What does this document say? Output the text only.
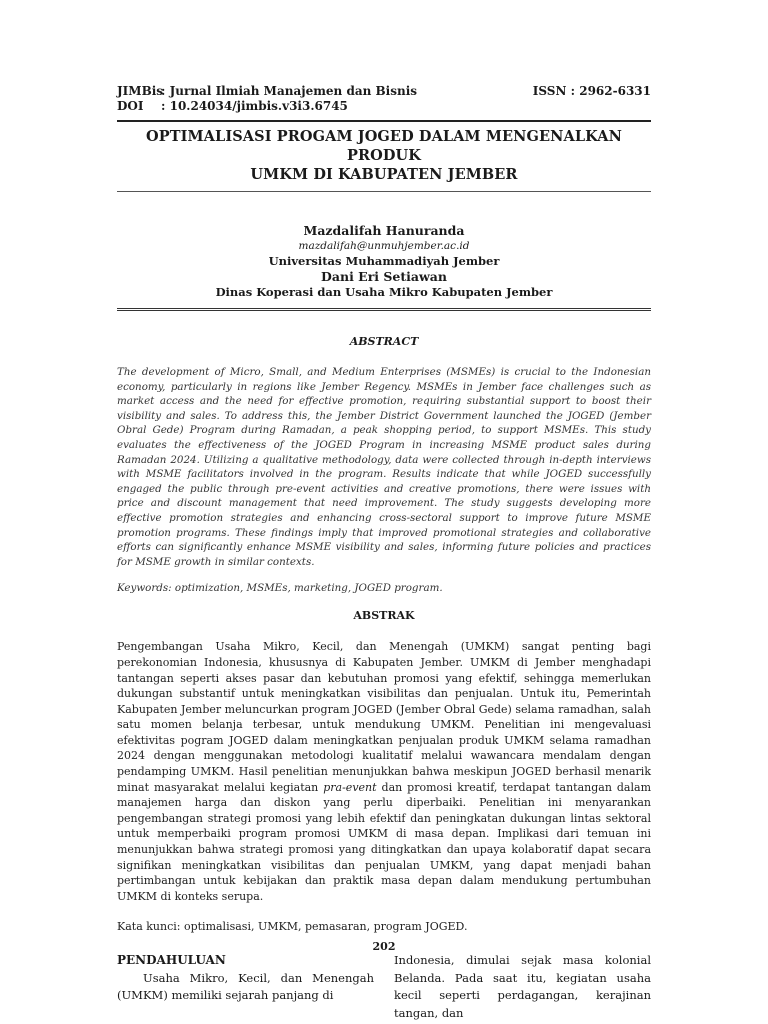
JIMBis
: Jurnal Ilmiah Manajemen dan Bisnis	ISSN : 2962-6331
DOI	: 10.24034/jimbis.v3i3.6745
OPTIMALISASI PROGAM JOGED DALAM MENGENALKAN PRODUK
UMKM DI KABUPATEN JEMBER
Mazdalifah Hanuranda
mazdalifah@unmuhjember.ac.id
Universitas Muhammadiyah Jember
Dani Eri Setiawan
Dinas Koperasi dan Usaha Mikro Kabupaten Jember
ABSTRACT
The development of Micro, Small, and Medium Enterprises (MSMEs) is crucial to the Indonesian economy, particularly in regions like Jember Regency. MSMEs in Jember face challenges such as market access and the need for effective promotion, requiring substantial support to boost their visibility and sales. To address this, the Jember District Government launched the JOGED (Jember Obral Gede) Program during Ramadan, a peak shopping period, to support MSMEs. This study evaluates the effectiveness of the JOGED Program in increasing MSME product sales during Ramadan 2024. Utilizing a qualitative methodology, data were collected through in-depth interviews with MSME facilitators involved in the program. Results indicate that while JOGED successfully engaged the public through pre-event activities and creative promotions, there were issues with price and discount management that need improvement. The study suggests developing more effective promotion strategies and enhancing cross-sectoral support to improve future MSME promotion programs. These findings imply that improved promotional strategies and collaborative efforts can significantly enhance MSME visibility and sales, informing future policies and practices for MSME growth in similar contexts.
Keywords: optimization, MSMEs, marketing, JOGED program.
ABSTRAK
Pengembangan Usaha Mikro, Kecil, dan Menengah (UMKM) sangat penting bagi perekonomian Indonesia, khususnya di Kabupaten Jember. UMKM di Jember menghadapi tantangan seperti akses pasar dan kebutuhan promosi yang efektif, sehingga memerlukan dukungan substantif untuk meningkatkan visibilitas dan penjualan. Untuk itu, Pemerintah Kabupaten Jember meluncurkan program JOGED (Jember Obral Gede) selama ramadhan, salah satu momen belanja terbesar, untuk mendukung UMKM. Penelitian ini mengevaluasi efektivitas pogram JOGED dalam meningkatkan penjualan produk UMKM selama ramadhan 2024 dengan menggunakan metodologi kualitatif melalui wawancara mendalam dengan pendamping UMKM. Hasil penelitian menunjukkan bahwa meskipun JOGED berhasil menarik minat masyarakat melalui kegiatan pra-event dan promosi kreatif, terdapat tantangan dalam manajemen harga dan diskon yang perlu diperbaiki. Penelitian ini menyarankan pengembangan strategi promosi yang lebih efektif dan peningkatan dukungan lintas sektoral untuk memperbaiki program promosi UMKM di masa depan. Implikasi dari temuan ini menunjukkan bahwa strategi promosi yang ditingkatkan dan upaya kolaboratif dapat secara signifikan meningkatkan visibilitas dan penjualan UMKM, yang dapat menjadi bahan pertimbangan untuk kebijakan dan praktik masa depan dalam mendukung pertumbuhan UMKM di konteks serupa.
Kata kunci: optimalisasi, UMKM, pemasaran, program JOGED.
PENDAHULUAN
Usaha Mikro, Kecil, dan Menengah (UMKM) memiliki sejarah panjang di
Indonesia, dimulai sejak masa kolonial Belanda. Pada saat itu, kegiatan usaha kecil seperti perdagangan, kerajinan tangan, dan
202
